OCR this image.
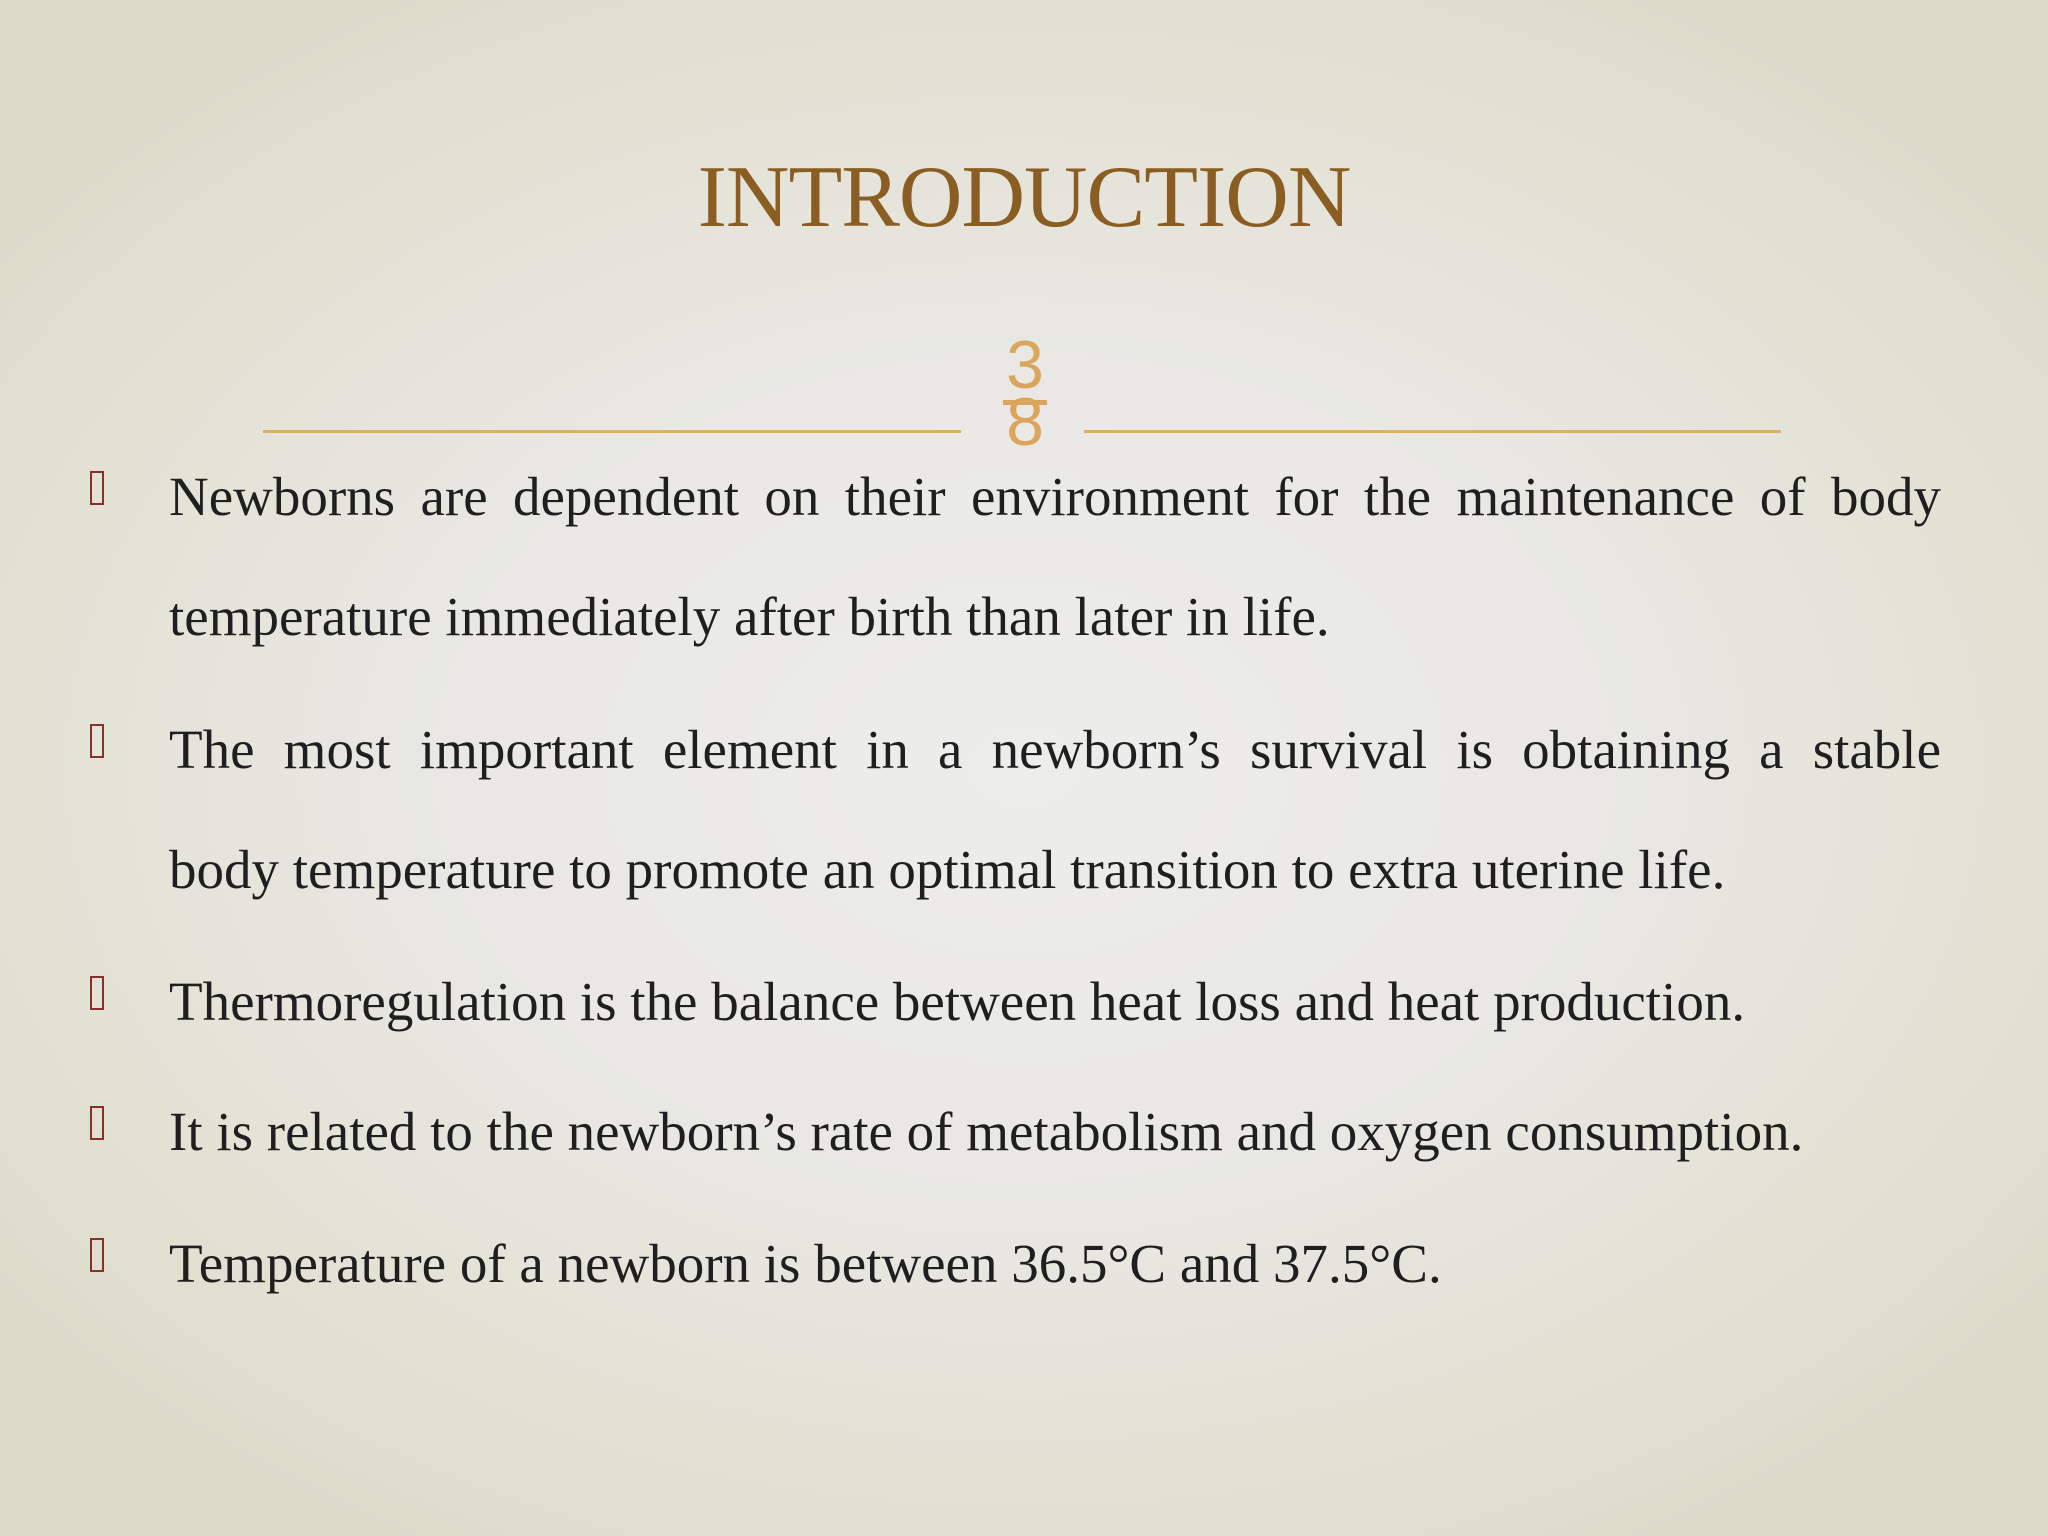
INTRODUCTION
3
8
Newborns are dependent on their environment for the maintenance of body
temperature immediately after birth than later in life.
The most important element in a newborn’s survival is obtaining a stable
body temperature to promote an optimal transition to extra uterine life.
Thermoregulation is the balance between heat loss and heat production.
It is related to the newborn’s rate of metabolism and oxygen consumption.
Temperature of a newborn is between 36.5°C and 37.5°C.
